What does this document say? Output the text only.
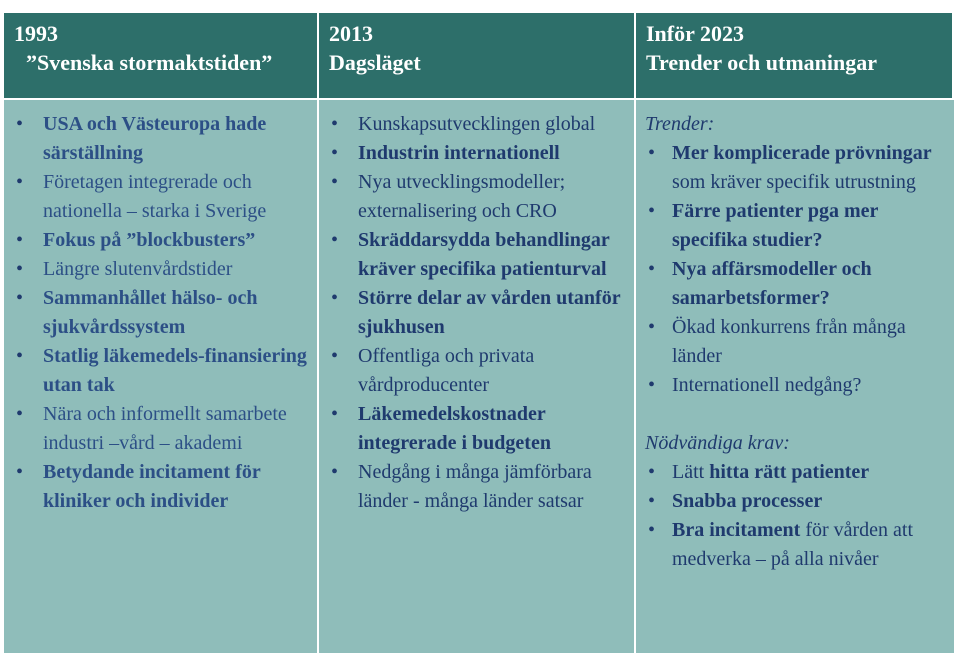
1993
”Svenska stormaktstiden”
2013
Dagsläget
Inför 2023
Trender och utmaningar
• USA och Västeuropa hade särställning
• Företagen integrerade och nationella – starka i Sverige
• Fokus på ”blockbusters”
• Längre slutenvårdstider
• Sammanhållet hälso- och sjukvårdssystem
• Statlig läkemedels-finansiering utan tak
• Nära och informellt samarbete industri –vård – akademi
• Betydande incitament för kliniker och individer
• Kunskapsutvecklingen global
• Industrin internationell
• Nya utvecklingsmodeller; externalisering och CRO
• Skräddarsydda behandlingar kräver specifika patienturval
• Större delar av vården utanför sjukhusen
• Offentliga och privata vårdproducenter
• Läkemedelskostnader integrerade i budgeten
• Nedgång i många jämförbara länder - många länder satsar
Trender:
• Mer komplicerade prövningar som kräver specifik utrustning
• Färre patienter pga mer specifika studier?
• Nya affärsmodeller och samarbetsformer?
• Ökad konkurrens från många länder
• Internationell nedgång?
Nödvändiga krav:
• Lätt hitta rätt patienter
• Snabba processer
• Bra incitament för vården att medverka – på alla nivåer
